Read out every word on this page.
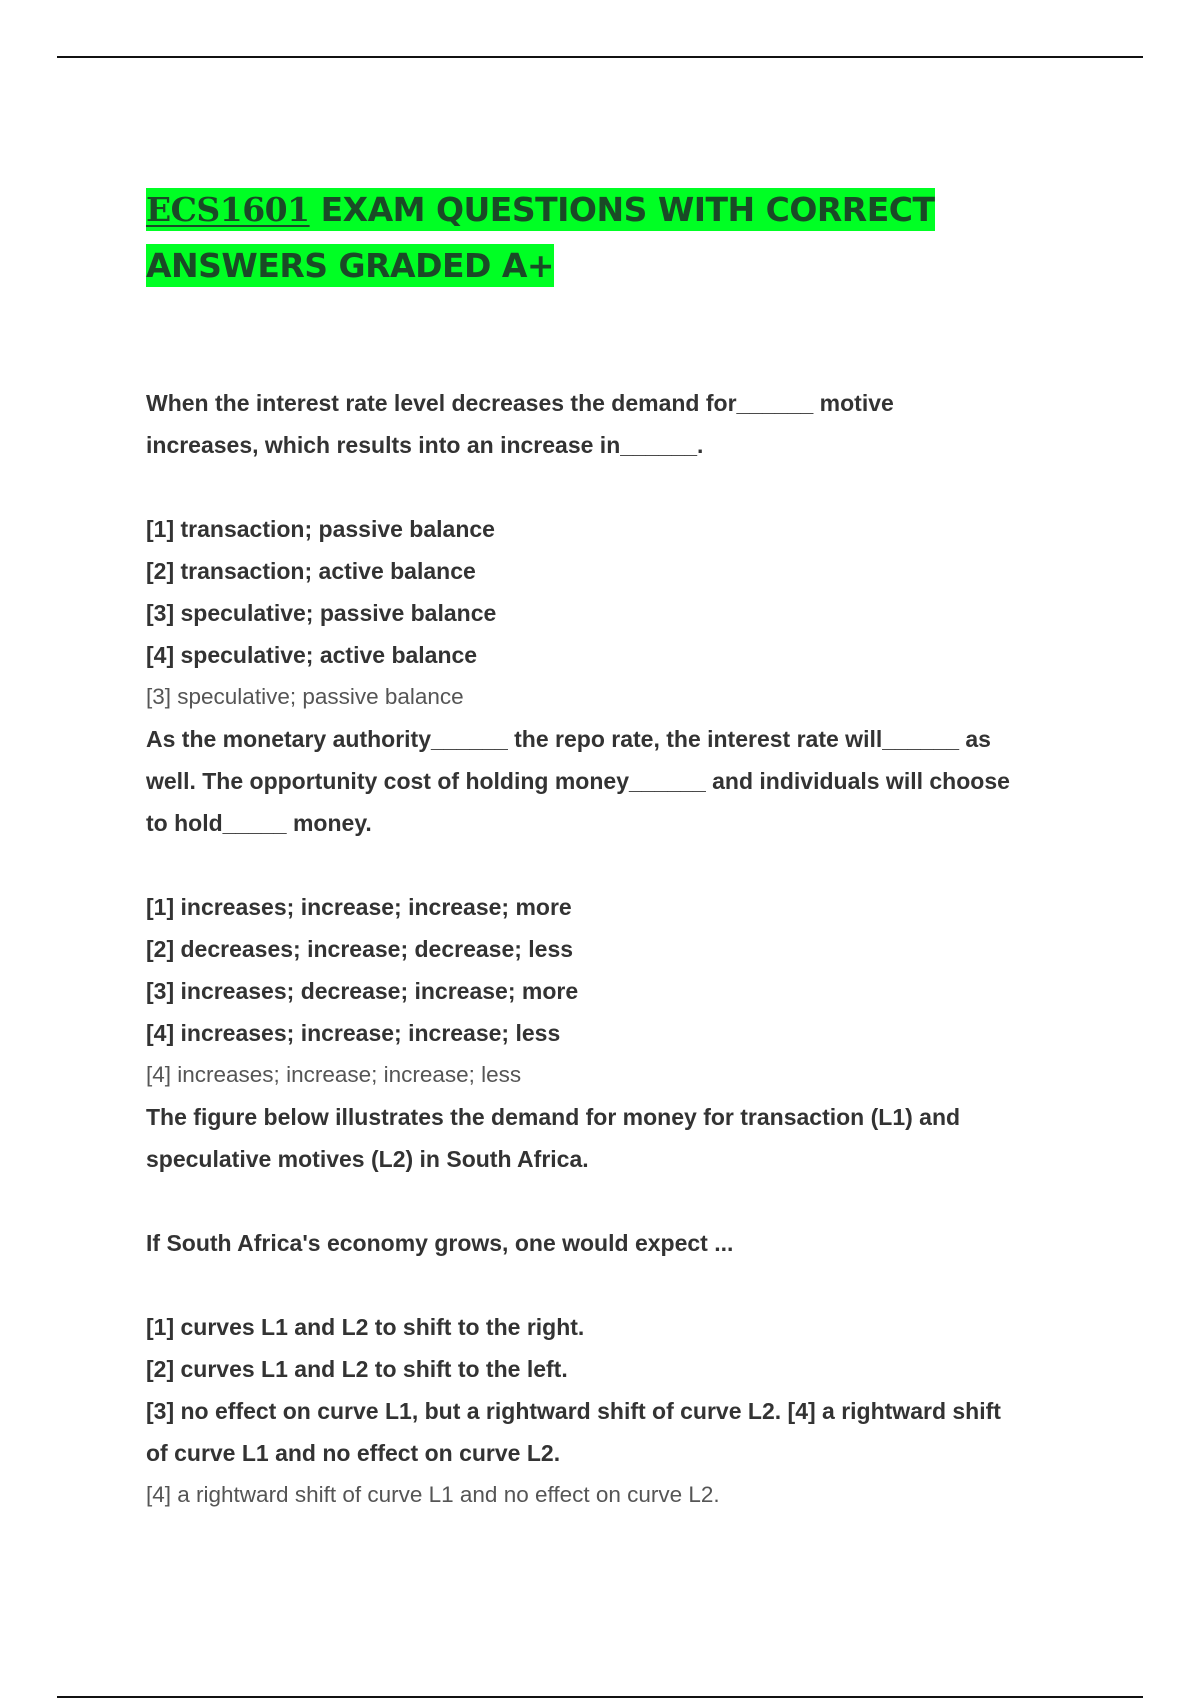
ECS1601 EXAM QUESTIONS WITH CORRECT
ANSWERS GRADED A+

When the interest rate level decreases the demand for______ motive

increases, which results into an increase in______.

[1] transaction; passive balance

[2] transaction; active balance

[3] speculative; passive balance

[4] speculative; active balance

[3] speculative; passive balance

As the monetary authority______ the repo rate, the interest rate will______ as

well. The opportunity cost of holding money______ and individuals will choose

to hold_____ money.

[1] increases; increase; increase; more

[2] decreases; increase; decrease; less

[3] increases; decrease; increase; more

[4] increases; increase; increase; less

[4] increases; increase; increase; less

The figure below illustrates the demand for money for transaction (L1) and

speculative motives (L2) in South Africa.

If South Africa's economy grows, one would expect ...

[1] curves L1 and L2 to shift to the right.

[2] curves L1 and L2 to shift to the left.

[3] no effect on curve L1, but a rightward shift of curve L2. [4] a rightward shift

of curve L1 and no effect on curve L2.

[4] a rightward shift of curve L1 and no effect on curve L2.
